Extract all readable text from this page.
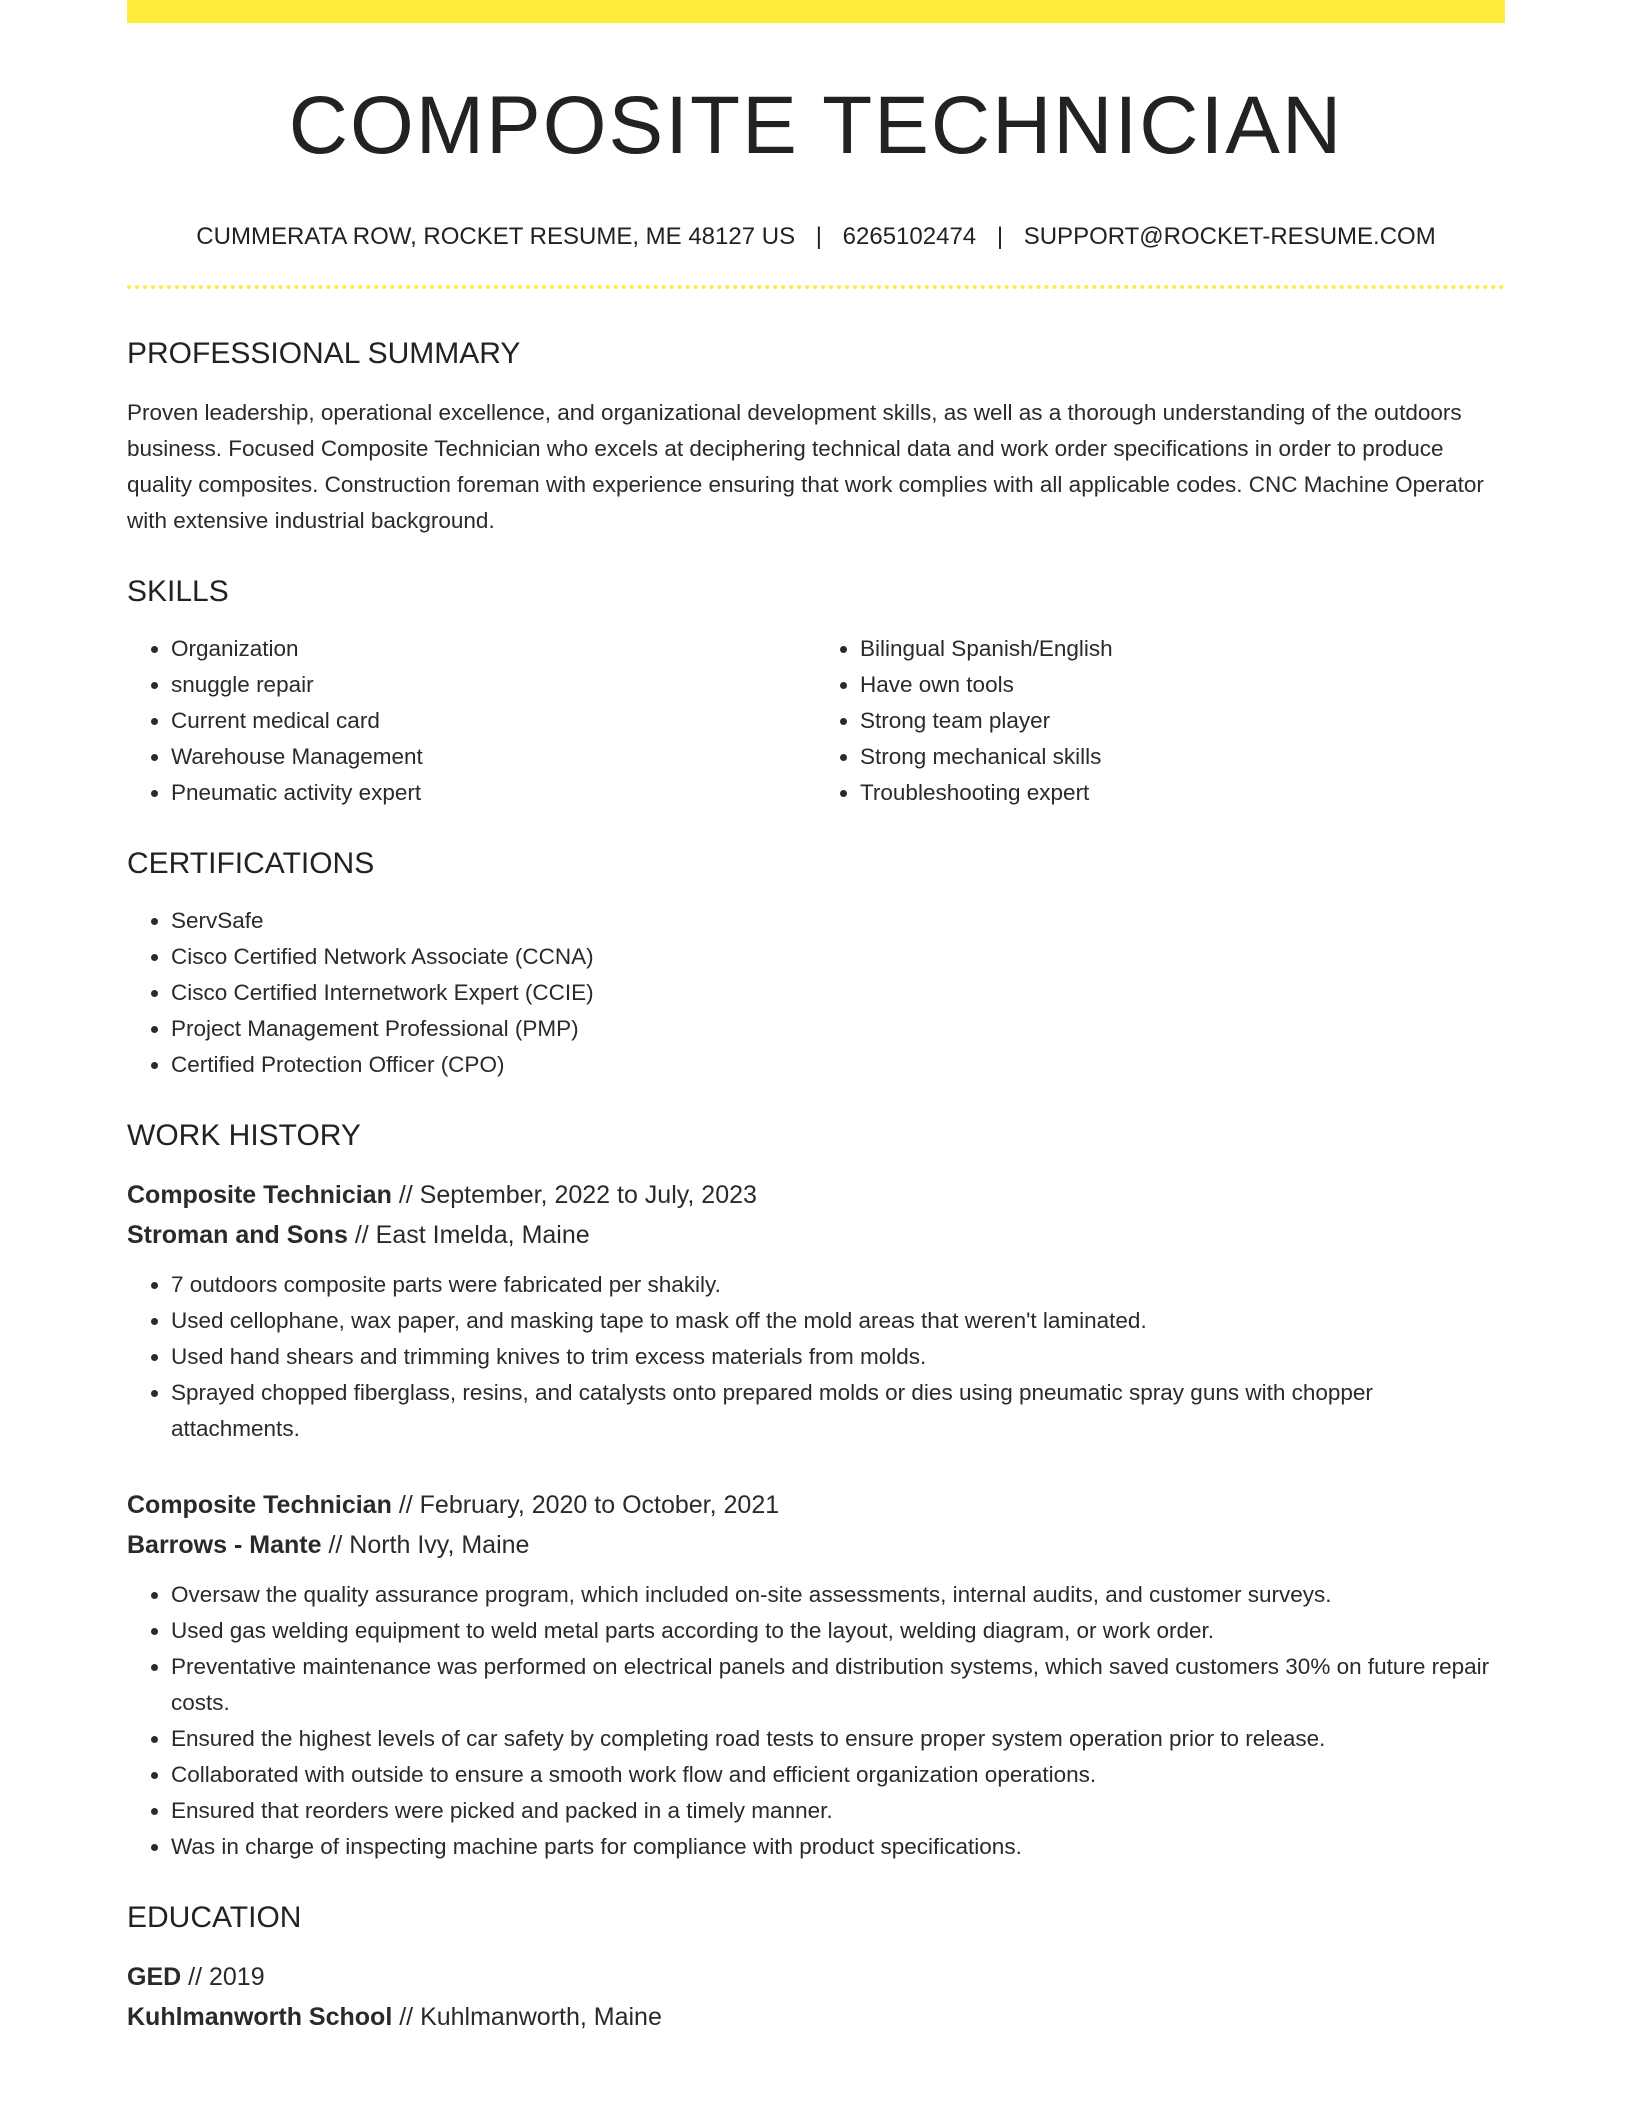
COMPOSITE TECHNICIAN
CUMMERATA ROW, ROCKET RESUME, ME 48127 US | 6265102474 | SUPPORT@ROCKET-RESUME.COM
PROFESSIONAL SUMMARY

Proven leadership, operational excellence, and organizational development skills, as well as a thorough understanding of the outdoors business. Focused Composite Technician who excels at deciphering technical data and work order specifications in order to produce quality composites. Construction foreman with experience ensuring that work complies with all applicable codes. CNC Machine Operator with extensive industrial background.

SKILLS
• Organization
• snuggle repair
• Current medical card
• Warehouse Management
• Pneumatic activity expert
• Bilingual Spanish/English
• Have own tools
• Strong team player
• Strong mechanical skills
• Troubleshooting expert
CERTIFICATIONS
• ServSafe
• Cisco Certified Network Associate (CCNA)
• Cisco Certified Internetwork Expert (CCIE)
• Project Management Professional (PMP)
• Certified Protection Officer (CPO)
WORK HISTORY
Composite Technician // September, 2022 to July, 2023
Stroman and Sons // East Imelda, Maine
• 7 outdoors composite parts were fabricated per shakily.
• Used cellophane, wax paper, and masking tape to mask off the mold areas that weren't laminated.
• Used hand shears and trimming knives to trim excess materials from molds.
• Sprayed chopped fiberglass, resins, and catalysts onto prepared molds or dies using pneumatic spray guns with chopper attachments.
Composite Technician // February, 2020 to October, 2021
Barrows - Mante // North Ivy, Maine
• Oversaw the quality assurance program, which included on-site assessments, internal audits, and customer surveys.
• Used gas welding equipment to weld metal parts according to the layout, welding diagram, or work order.
• Preventative maintenance was performed on electrical panels and distribution systems, which saved customers 30% on future repair costs.
• Ensured the highest levels of car safety by completing road tests to ensure proper system operation prior to release.
• Collaborated with outside to ensure a smooth work flow and efficient organization operations.
• Ensured that reorders were picked and packed in a timely manner.
• Was in charge of inspecting machine parts for compliance with product specifications.
EDUCATION
GED // 2019
Kuhlmanworth School // Kuhlmanworth, Maine
